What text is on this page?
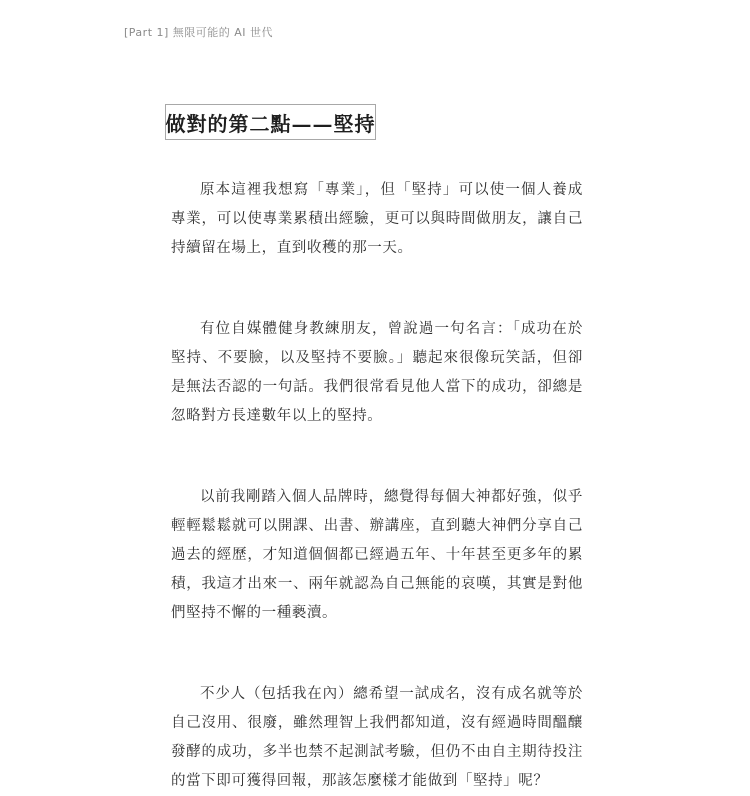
[Part 1] 無限可能的 AI 世代
做對的第二點——堅持

原本這裡我想寫「專業」，但「堅持」可以使一個人養成專業，可以使專業累積出經驗，更可以與時間做朋友，讓自己持續留在場上，直到收穫的那一天。

有位自媒體健身教練朋友，曾說過一句名言：「成功在於堅持、不要臉，以及堅持不要臉。」聽起來很像玩笑話，但卻是無法否認的一句話。我們很常看見他人當下的成功，卻總是忽略對方長達數年以上的堅持。

以前我剛踏入個人品牌時，總覺得每個大神都好強，似乎輕輕鬆鬆就可以開課、出書、辦講座，直到聽大神們分享自己過去的經歷，才知道個個都已經過五年、十年甚至更多年的累積，我這才出來一、兩年就認為自己無能的哀嘆，其實是對他們堅持不懈的一種褻瀆。

不少人（包括我在內）總希望一試成名，沒有成名就等於自己沒用、很廢，雖然理智上我們都知道，沒有經過時間醞釀發酵的成功，多半也禁不起測試考驗，但仍不由自主期待投注的當下即可獲得回報，那該怎麼樣才能做到「堅持」呢？
